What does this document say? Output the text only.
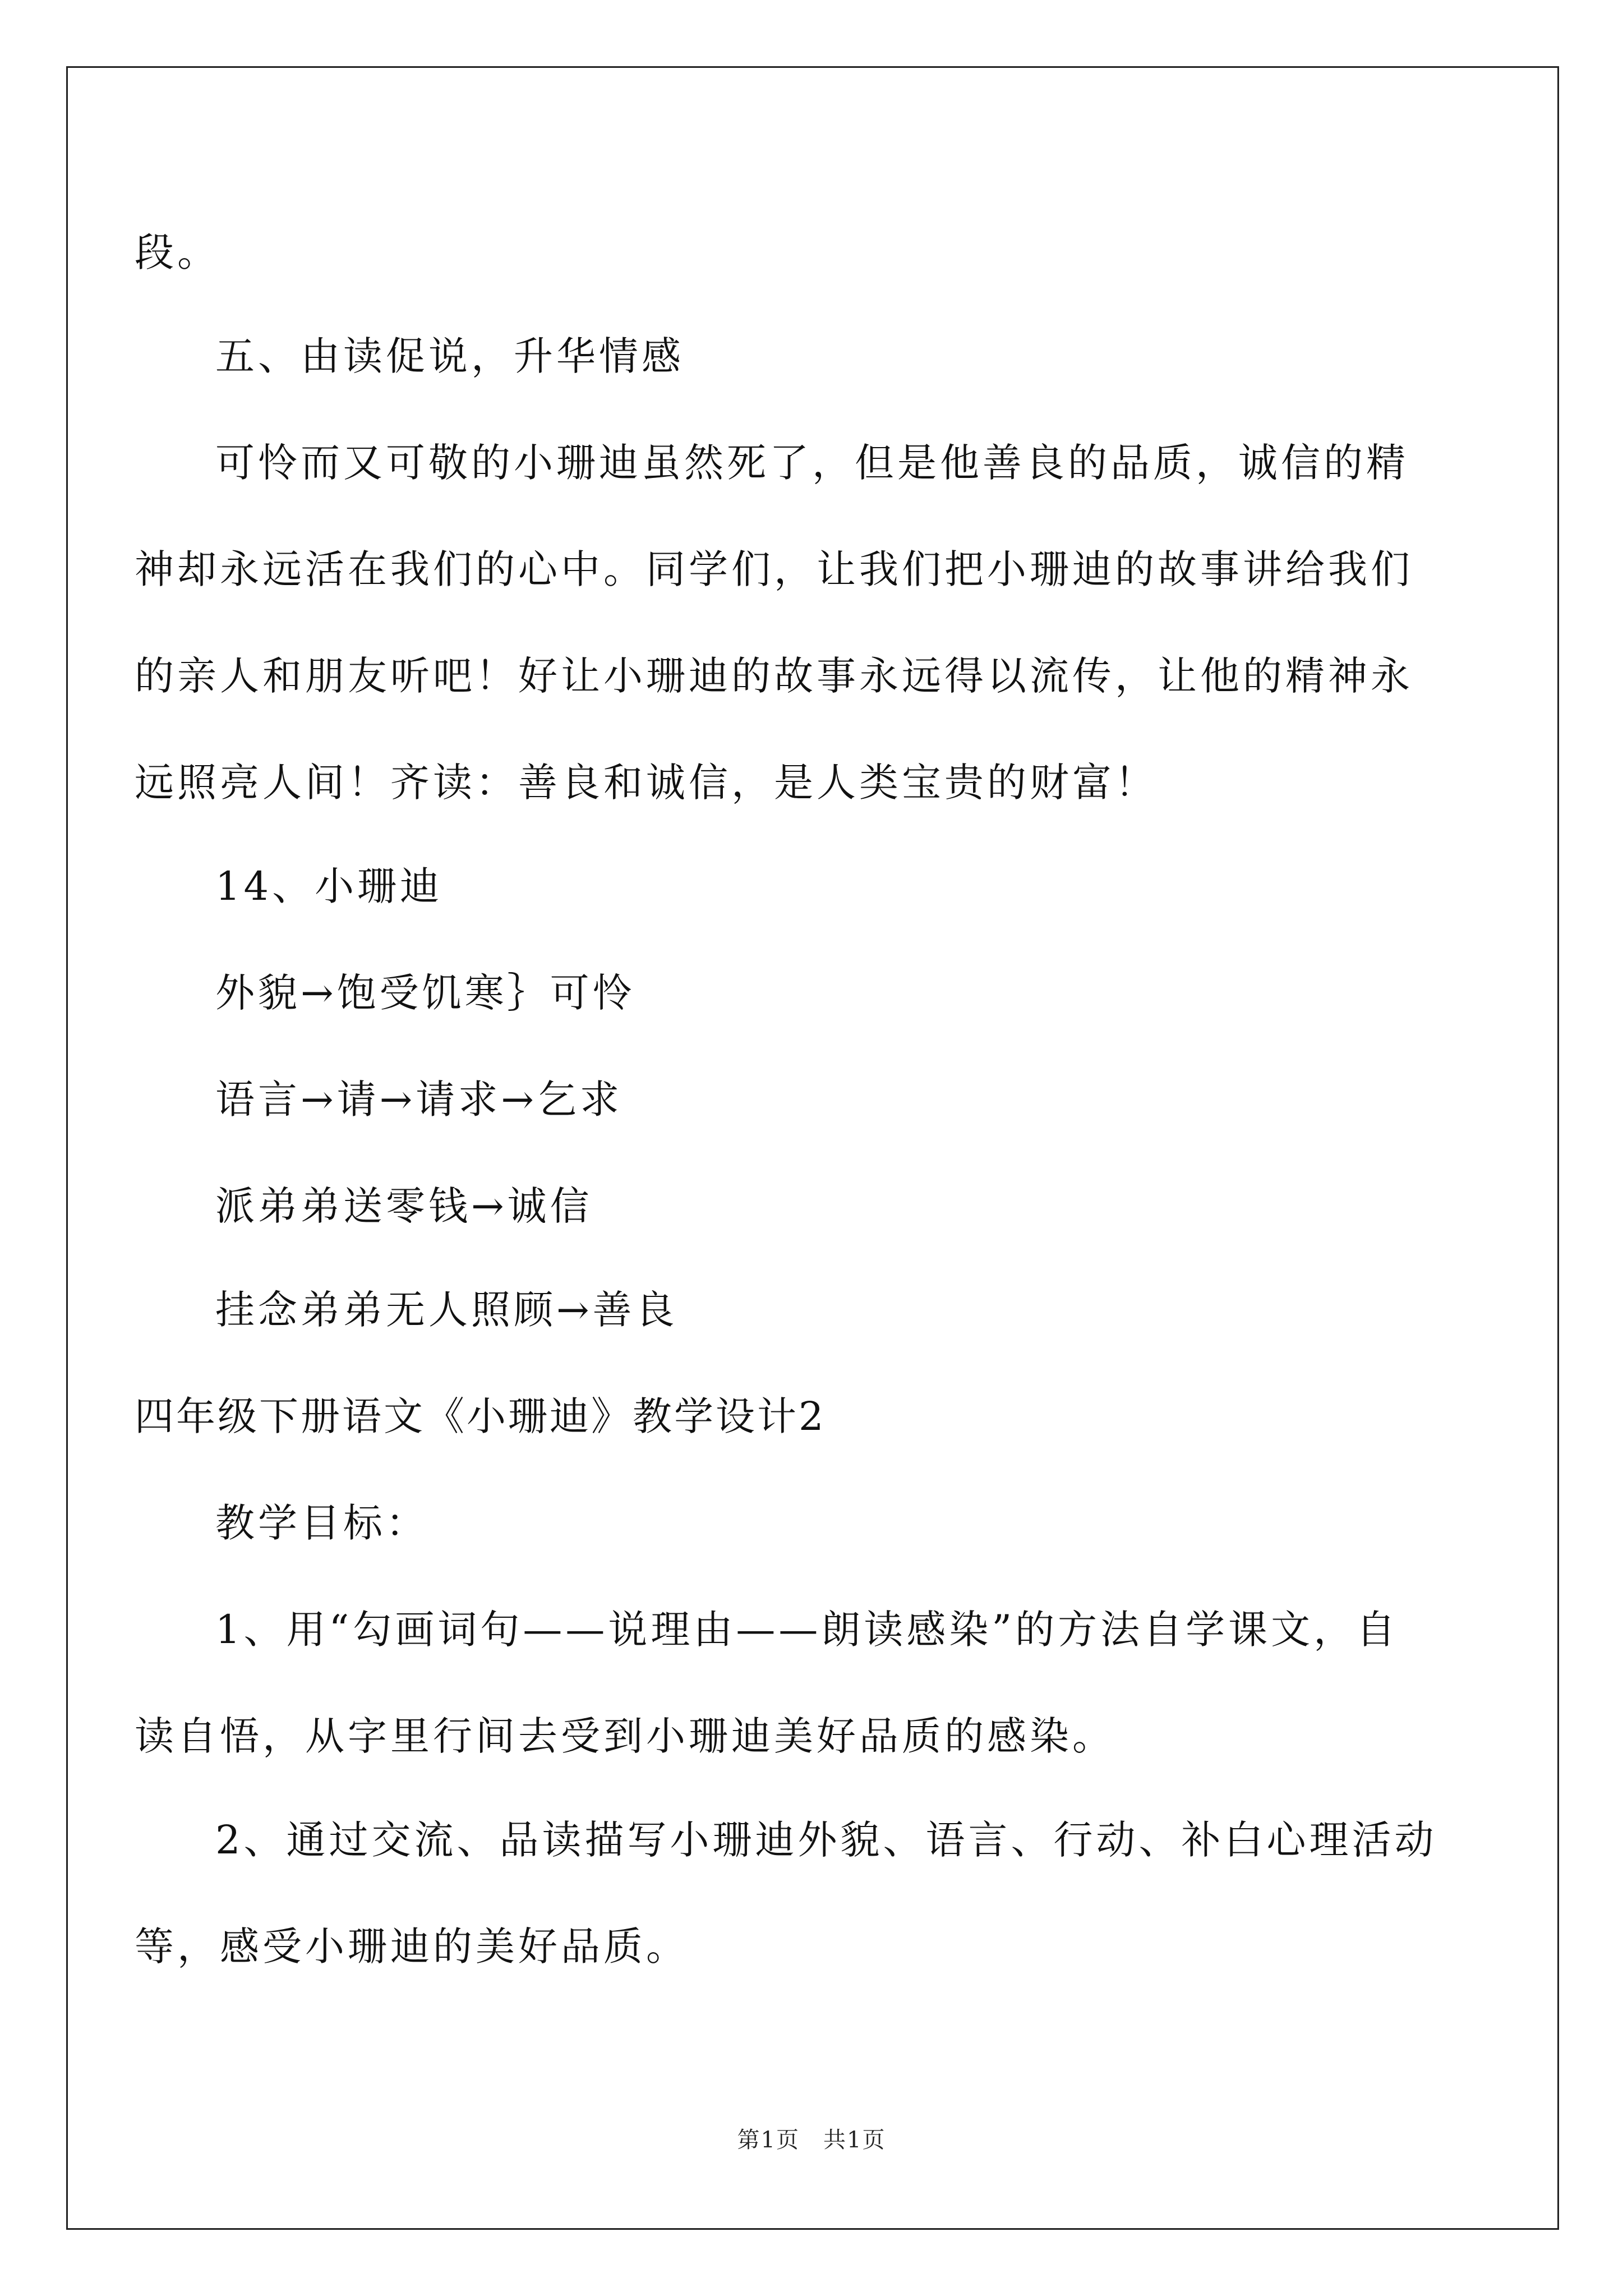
段。
五、由读促说，升华情感
可怜而又可敬的小珊迪虽然死了，但是他善良的品质，诚信的精
神却永远活在我们的心中。同学们，让我们把小珊迪的故事讲给我们
的亲人和朋友听吧！好让小珊迪的故事永远得以流传，让他的精神永
远照亮人间！齐读：善良和诚信，是人类宝贵的财富！
14、小珊迪
外貌→饱受饥寒｝可怜
语言→请→请求→乞求
派弟弟送零钱→诚信
挂念弟弟无人照顾→善良
四年级下册语文《小珊迪》教学设计2
教学目标：
1、用“勾画词句——说理由——朗读感染”的方法自学课文，自
读自悟，从字里行间去受到小珊迪美好品质的感染。
2、通过交流、品读描写小珊迪外貌、语言、行动、补白心理活动
等，感受小珊迪的美好品质。
第1页　共1页
